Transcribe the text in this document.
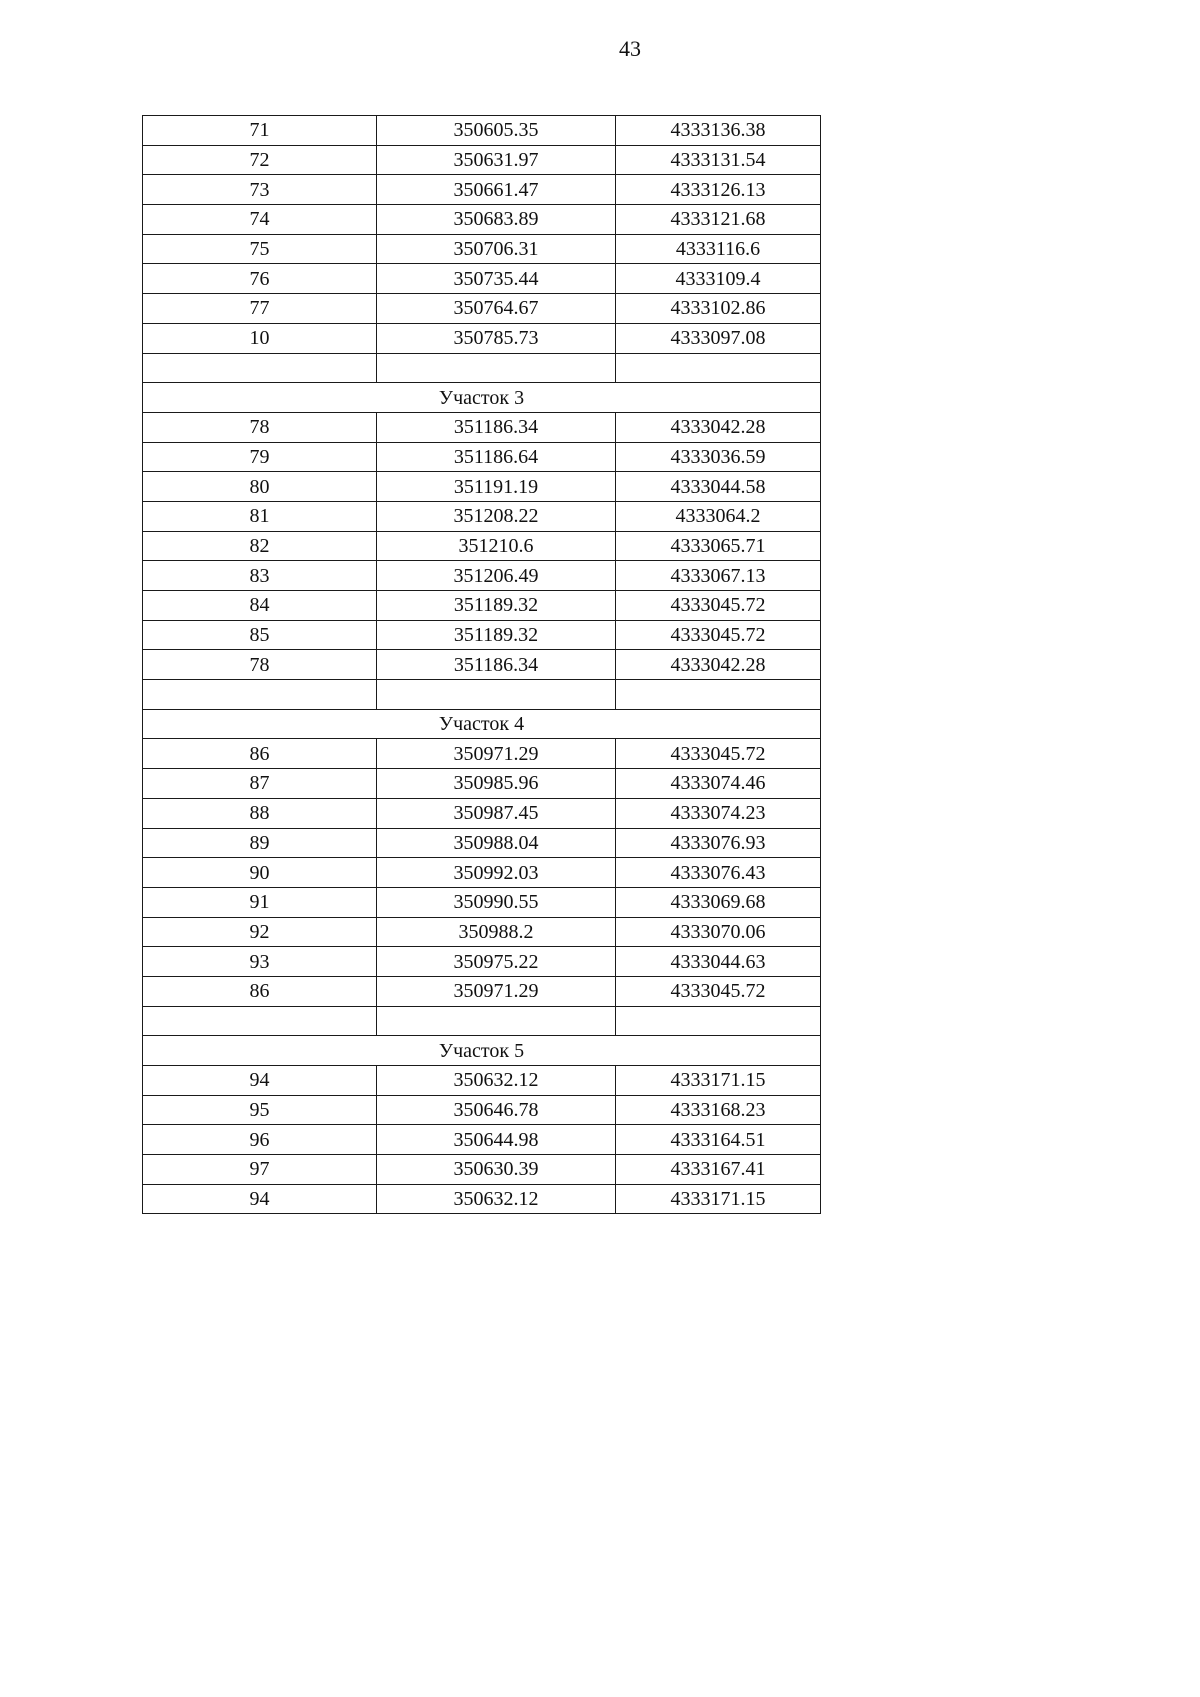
43
71	350605.35	4333136.38
72	350631.97	4333131.54
73	350661.47	4333126.13
74	350683.89	4333121.68
75	350706.31	4333116.6
76	350735.44	4333109.4
77	350764.67	4333102.86
10	350785.73	4333097.08

Участок 3		
78	351186.34	4333042.28
79	351186.64	4333036.59
80	351191.19	4333044.58
81	351208.22	4333064.2
82	351210.6	4333065.71
83	351206.49	4333067.13
84	351189.32	4333045.72
85	351189.32	4333045.72
78	351186.34	4333042.28

Участок 4		
86	350971.29	4333045.72
87	350985.96	4333074.46
88	350987.45	4333074.23
89	350988.04	4333076.93
90	350992.03	4333076.43
91	350990.55	4333069.68
92	350988.2	4333070.06
93	350975.22	4333044.63
86	350971.29	4333045.72

Участок 5		
94	350632.12	4333171.15
95	350646.78	4333168.23
96	350644.98	4333164.51
97	350630.39	4333167.41
94	350632.12	4333171.15
